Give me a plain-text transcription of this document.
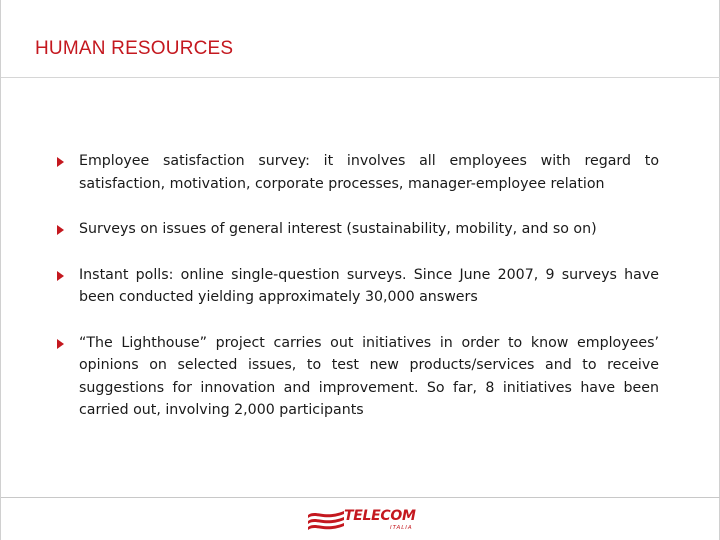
HUMAN RESOURCES
Employee satisfaction survey: it involves all employees with regard to satisfaction, motivation, corporate processes, manager-employee relation
Surveys on issues of general interest (sustainability, mobility, and so on)
Instant polls: online single-question surveys. Since June 2007, 9 surveys have been conducted yielding approximately 30,000 answers
“The Lighthouse” project carries out initiatives in order to know employees’ opinions on selected issues, to test new products/services and to receive suggestions for innovation and improvement. So far, 8 initiatives have been carried out, involving 2,000 participants
TELECOM
ITALIA
